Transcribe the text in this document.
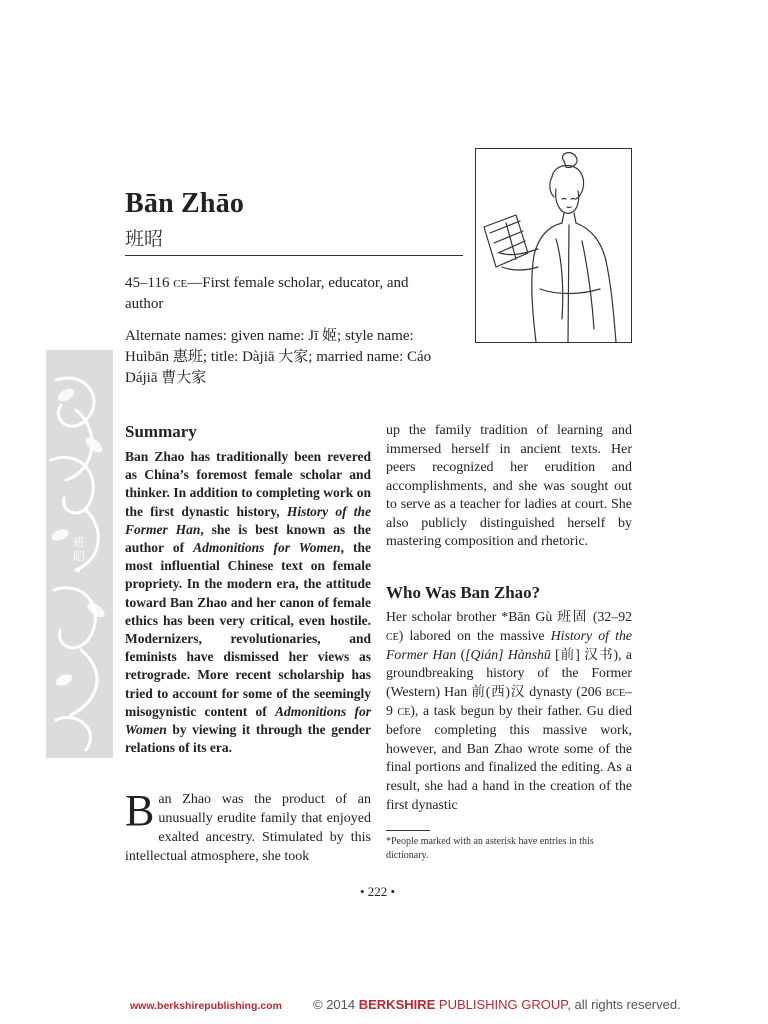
班昭 •
Bān Zhāo
班昭
45–116 ce—First female scholar, educator, and author
Alternate names: given name: Jī 姬; style name: Huìbān 惠班; title: Dàjiā 大家; married name: Cáo Dájiā 曹大家
Summary
Ban Zhao has traditionally been revered as China’s foremost female scholar and thinker. In addition to completing work on the first dynastic history, History of the Former Han, she is best known as the author of Admonitions for Women, the most influential Chinese text on female propriety. In the modern era, the attitude toward Ban Zhao and her canon of female ethics has been very critical, even hostile. Modernizers, revolutionaries, and feminists have dismissed her views as retrograde. More recent scholarship has tried to account for some of the seemingly misogynistic content of Admonitions for Women by viewing it through the gender relations of its era.
Ban Zhao was the product of an unusually erudite family that enjoyed exalted ancestry. Stimulated by this intellectual atmosphere, she took
up the family tradition of learning and immersed herself in ancient texts. Her peers recognized her erudition and accomplishments, and she was sought out to serve as a teacher for ladies at court. She also publicly distinguished herself by mastering composition and rhetoric.
Who Was Ban Zhao?
Her scholar brother *Bān Gù 班固 (32–92 ce) labored on the massive History of the Former Han ([Qián] Hànshū [前] 汉书), a groundbreaking history of the Former (Western) Han 前(西)汉 dynasty (206 bce–9 ce), a task begun by their father. Gu died before completing this massive work, however, and Ban Zhao wrote some of the final portions and finalized the editing. As a result, she had a hand in the creation of the first dynastic
*People marked with an asterisk have entries in this dictionary.
• 222 •
www.berkshirepublishing.com © 2014 BERKSHIRE PUBLISHING GROUP, all rights reserved.
